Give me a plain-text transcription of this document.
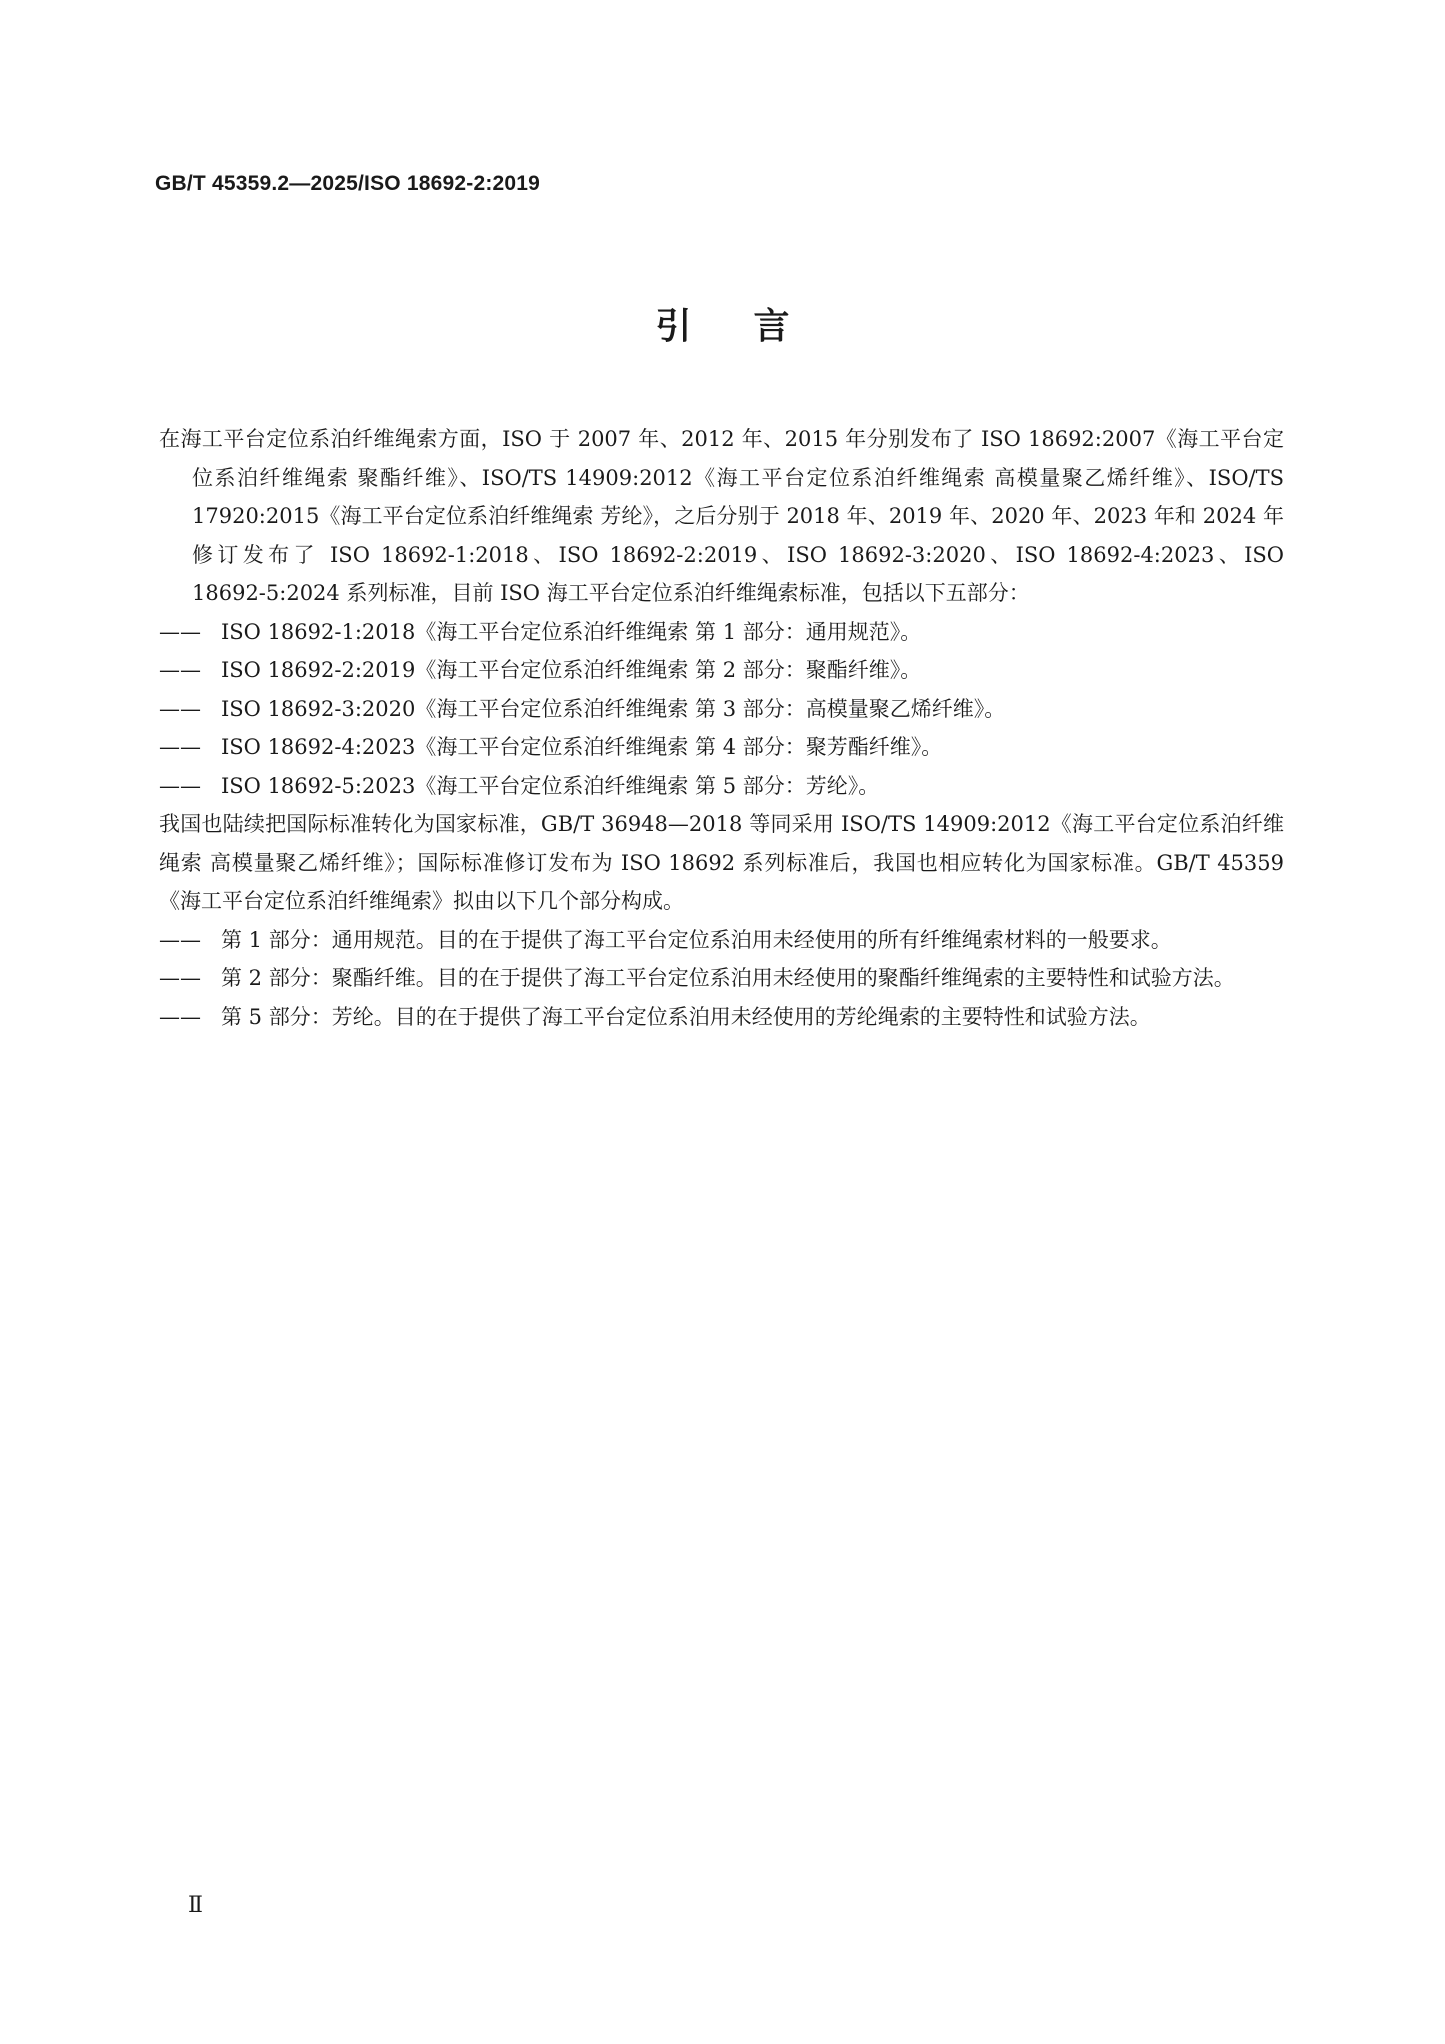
GB/T 45359.2—2025/ISO 18692-2:2019
引 言

在海工平台定位系泊纤维绳索方面，ISO 于 2007 年、2012 年、2015 年分别发布了 ISO 18692:2007《海工平台定位系泊纤维绳索 聚酯纤维》、ISO/TS 14909:2012《海工平台定位系泊纤维绳索 高模量聚乙烯纤维》、ISO/TS 17920:2015《海工平台定位系泊纤维绳索 芳纶》，之后分别于 2018 年、2019 年、2020 年、2023 年和 2024 年修订发布了 ISO 18692-1:2018、ISO 18692-2:2019、ISO 18692-3:2020、ISO 18692-4:2023、ISO 18692-5:2024 系列标准，目前 ISO 海工平台定位系泊纤维绳索标准，包括以下五部分：

—— ISO 18692-1:2018《海工平台定位系泊纤维绳索 第 1 部分：通用规范》。
—— ISO 18692-2:2019《海工平台定位系泊纤维绳索 第 2 部分：聚酯纤维》。
—— ISO 18692-3:2020《海工平台定位系泊纤维绳索 第 3 部分：高模量聚乙烯纤维》。
—— ISO 18692-4:2023《海工平台定位系泊纤维绳索 第 4 部分：聚芳酯纤维》。
—— ISO 18692-5:2023《海工平台定位系泊纤维绳索 第 5 部分：芳纶》。

我国也陆续把国际标准转化为国家标准，GB/T 36948—2018 等同采用 ISO/TS 14909:2012《海工平台定位系泊纤维绳索 高模量聚乙烯纤维》；国际标准修订发布为 ISO 18692 系列标准后，我国也相应转化为国家标准。GB/T 45359《海工平台定位系泊纤维绳索》拟由以下几个部分构成。

—— 第 1 部分：通用规范。目的在于提供了海工平台定位系泊用未经使用的所有纤维绳索材料的一般要求。
—— 第 2 部分：聚酯纤维。目的在于提供了海工平台定位系泊用未经使用的聚酯纤维绳索的主要特性和试验方法。
—— 第 5 部分：芳纶。目的在于提供了海工平台定位系泊用未经使用的芳纶绳索的主要特性和试验方法。
Ⅱ
